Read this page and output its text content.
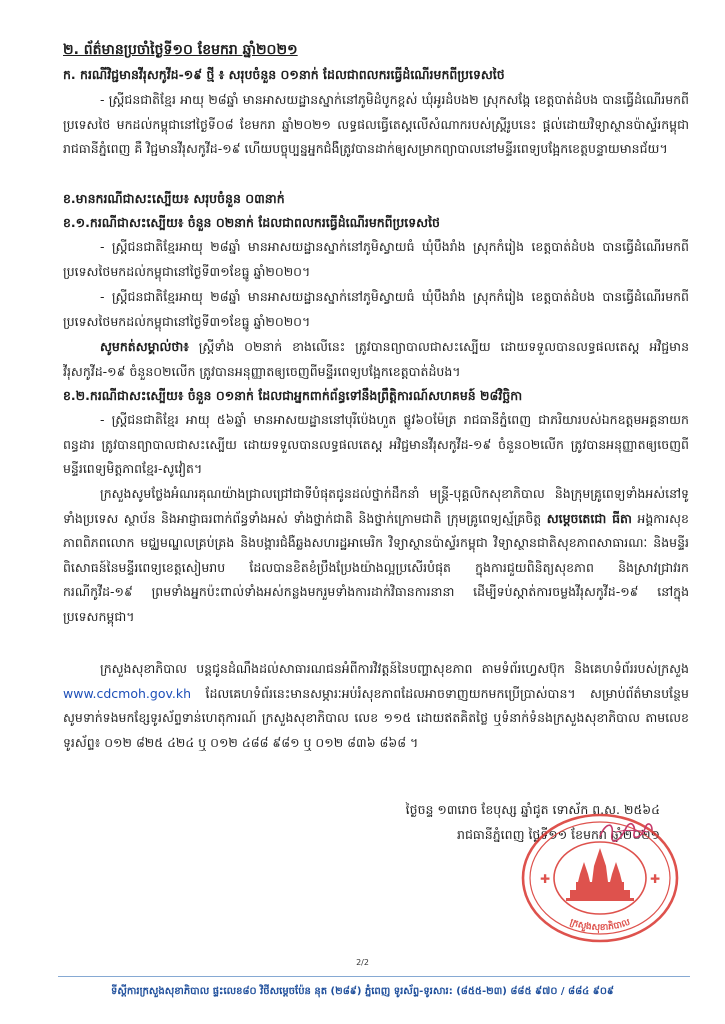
២. ព័ត៌មានប្រចាំថ្ងៃទី១០ ខែមករា ឆ្នាំ២០២១
ក. ករណីវិជ្ជមានវីរុសកូវីដ-១៩ ថ្មី ៖ សរុបចំនួន ០១នាក់ ដែលជាពលករធ្វើដំណើរមកពីប្រទេសថៃ
- ស្ត្រីជនជាតិខ្មែរ អាយុ ២៨ឆ្នាំ មានអាសយដ្ឋានស្នាក់នៅភូមិដំបូកខ្ពស់ ឃុំអូរដំបង២ ស្រុកសង្កែ ខេត្តបាត់ដំបង បានធ្វើដំណើរមកពីប្រទេសថៃ មកដល់កម្ពុជានៅថ្ងៃទី០៨ ខែមករា ឆ្នាំ២០២១ លទ្ធផលធ្វើតេស្តលើសំណាករបស់ស្ត្រីរូបនេះ ផ្តល់ដោយវិទ្យាស្ថានប៉ាស្ទ័រកម្ពុជា រាជធានីភ្នំពេញ គឺ វិជ្ជមានវីរុសកូវីដ-១៩ ហើយបច្ចុប្បន្នអ្នកជំងឺត្រូវបានដាក់ឲ្យសម្រាកព្យាបាលនៅមន្ទីរពេទ្យបង្អែកខេត្តបន្ទាយមានជ័យ។
ខ.មានករណីជាសះស្បើយ៖ សរុបចំនួន ០៣នាក់
ខ.១.ករណីជាសះស្បើយ៖ ចំនួន ០២នាក់ ដែលជាពលករធ្វើដំណើរមកពីប្រទេសថៃ
- ស្ត្រីជនជាតិខ្មែរអាយុ ២៨ឆ្នាំ មានអាសយដ្ឋានស្នាក់នៅភូមិស្វាយធំ ឃុំបឹងរាំង ស្រុកកំរៀង ខេត្តបាត់ដំបង បានធ្វើដំណើរមកពីប្រទេសថៃមកដល់កម្ពុជានៅថ្ងៃទី៣១ខែធ្នូ ឆ្នាំ២០២០។
- ស្ត្រីជនជាតិខ្មែរអាយុ ២៨ឆ្នាំ មានអាសយដ្ឋានស្នាក់នៅភូមិស្វាយធំ ឃុំបឹងរាំង ស្រុកកំរៀង ខេត្តបាត់ដំបង បានធ្វើដំណើរមកពីប្រទេសថៃមកដល់កម្ពុជានៅថ្ងៃទី៣១ខែធ្នូ ឆ្នាំ២០២០។
សូមកត់សម្គាល់ថា៖ ស្ត្រីទាំង ០២នាក់ ខាងលើនេះ ត្រូវបានព្យាបាលជាសះស្បើយ ដោយទទួលបានលទ្ធផលតេស្ត អវិជ្ជមានវីរុសកូវីដ-១៩ ចំនួន០២លើក ត្រូវបានអនុញ្ញាតឲ្យចេញពីមន្ទីរពេទ្យបង្អែកខេត្តបាត់ដំបង។
ខ.២.ករណីជាសះស្បើយ៖ ចំនួន ០១នាក់ ដែលជាអ្នកពាក់ព័ន្ធទៅនឹងព្រឹត្តិការណ៍សហគមន៍ ២៨វិច្ឆិកា
- ស្ត្រីជនជាតិខ្មែរ អាយុ ៥៦ឆ្នាំ មានអាសយដ្ឋាននៅបុរីប៉េងហួត ផ្លូវ៦០ម៉ែត្រ រាជធានីភ្នំពេញ ជាភរិយារបស់ឯកឧត្តមអគ្គនាយកពន្ធដារ ត្រូវបានព្យាបាលជាសះស្បើយ ដោយទទួលបានលទ្ធផលតេស្ត អវិជ្ជមានវីរុសកូវីដ-១៩ ចំនួន០២លើក ត្រូវបានអនុញ្ញាតឲ្យចេញពីមន្ទីរពេទ្យមិត្តភាពខ្មែរ-សូវៀត។
ក្រសួងសូមថ្លែងអំណរគុណយ៉ាងជ្រាលជ្រៅជាទីបំផុតជូនដល់ថ្នាក់ដឹកនាំ មន្ត្រី-បុគ្គលិកសុខាភិបាល និងក្រុមគ្រូពេទ្យទាំងអស់នៅទូទាំងប្រទេស ស្ថាប័ន និងអាជ្ញាធរពាក់ព័ន្ធទាំងអស់ ទាំងថ្នាក់ជាតិ និងថ្នាក់ក្រោមជាតិ ក្រុមគ្រូពេទ្យស្ម័គ្រចិត្ត សម្តេចតេជោ ធីតា អង្គការសុខភាពពិភពលោក មជ្ឈមណ្ឌលគ្រប់គ្រង និងបង្ការជំងឺឆ្លងសហរដ្ឋអាមេរិក វិទ្យាស្ថានប៉ាស្ទ័រកម្ពុជា វិទ្យាស្ថានជាតិសុខភាពសាធារណៈ និងមន្ទីរពិសោធន៍នៃមន្ទីរពេទ្យខេត្តសៀមរាប ដែលបានខិតខំប្រឹងប្រែងយ៉ាងល្អប្រសើរបំផុត ក្នុងការជួយពិនិត្យសុខភាព និងស្រាវជ្រាវរកករណីកូវីដ-១៩ ព្រមទាំងអ្នកប៉ះពាល់ទាំងអស់កន្លងមករួមទាំងការដាក់វិធានការនានា ដើម្បីទប់ស្កាត់ការចម្លងវីរុសកូវីដ-១៩ នៅក្នុងប្រទេសកម្ពុជា។
ក្រសួងសុខាភិបាល បន្តជូនដំណឹងដល់សាធារណជនអំពីការវិវត្តន៍នៃបញ្ហាសុខភាព តាមទំព័រហ្វេសប៊ុក និងគេហទំព័ររបស់ក្រសួង www.cdcmoh.gov.kh ដែលគេហទំព័រនេះមានសម្ភារៈអប់រំសុខភាពដែលអាចទាញយកមកប្រើប្រាស់បាន។ សម្រាប់ព័ត៌មានបន្ថែម សូមទាក់ទងមកខ្សែទូរស័ព្ទទាន់ហេតុការណ៍ ក្រសួងសុខាភិបាល លេខ ១១៥ ដោយឥតគិតថ្លៃ ឬទំនាក់ទំនងក្រសួងសុខាភិបាល តាមលេខទូរស័ព្ទ៖ ០១២ ៨២៥ ៤២៤ ឬ ០១២ ៤៨៨ ៩៨១ ឬ ០១២ ៨៣៦ ៨៦៨ ។
ថ្ងៃចន្ទ ១៣រោច ខែបុស្ស ឆ្នាំជូត ទោស័ក ព.ស. ២៥៦៤
រាជធានីភ្នំពេញ ថ្ងៃទី១១ ខែមករា ឆ្នាំ២០២១
✚	✚
ក្រសួងសុខាភិបាល
2/2
ទីស្តីការក្រសួងសុខាភិបាល ផ្ទះលេខ៨០ វិថីសម្តេចប៉ែន នុត (២៨៩) ភ្នំពេញ ទូរស័ព្ទ-ទូរសារ: (៨៥៥-២៣) ៨៨៥ ៩៧០ / ៨៨៤ ៩០៩
